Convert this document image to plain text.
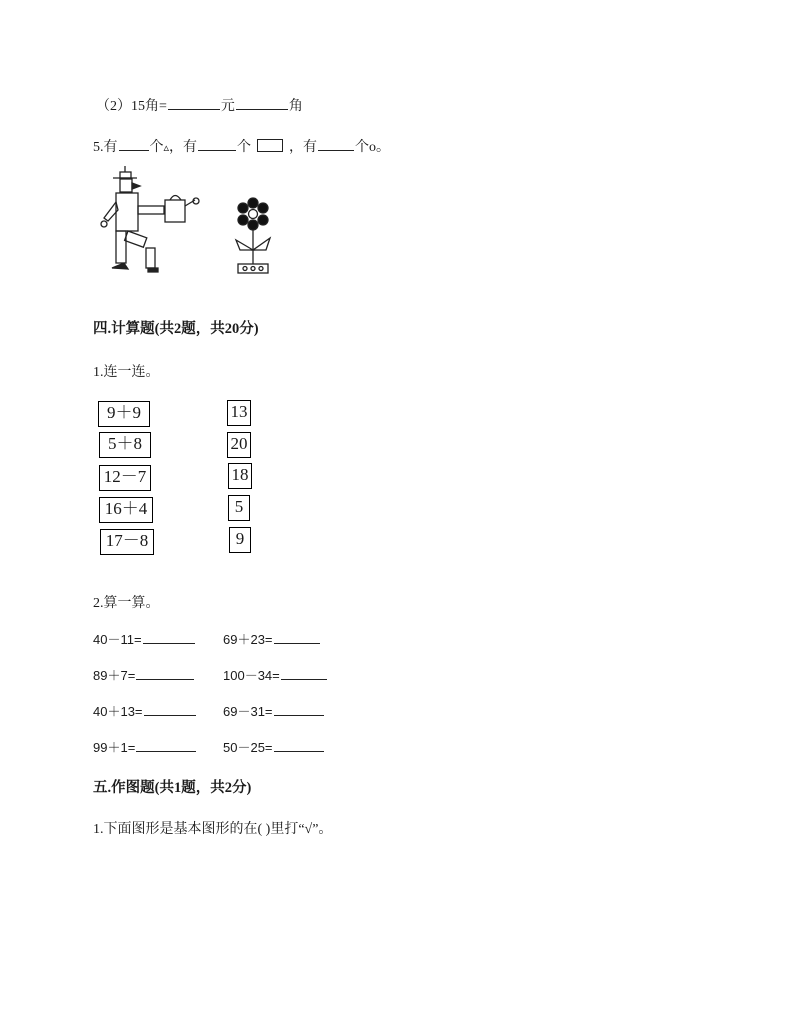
（2）15角=	元	角
5.有 个▵，有	个	，有	个o。
四.计算题(共2题，共20分)
1.连一连。
9＋9
5＋8
12－7
16＋4
17－8
13
20
18
5
9
2.算一算。
40－11=	69＋23=
89＋7=	100－34=
40＋13=	69－31=
99＋1=	50－25=
五.作图题(共1题，共2分)
1.下面图形是基本图形的在( )里打“√”。
